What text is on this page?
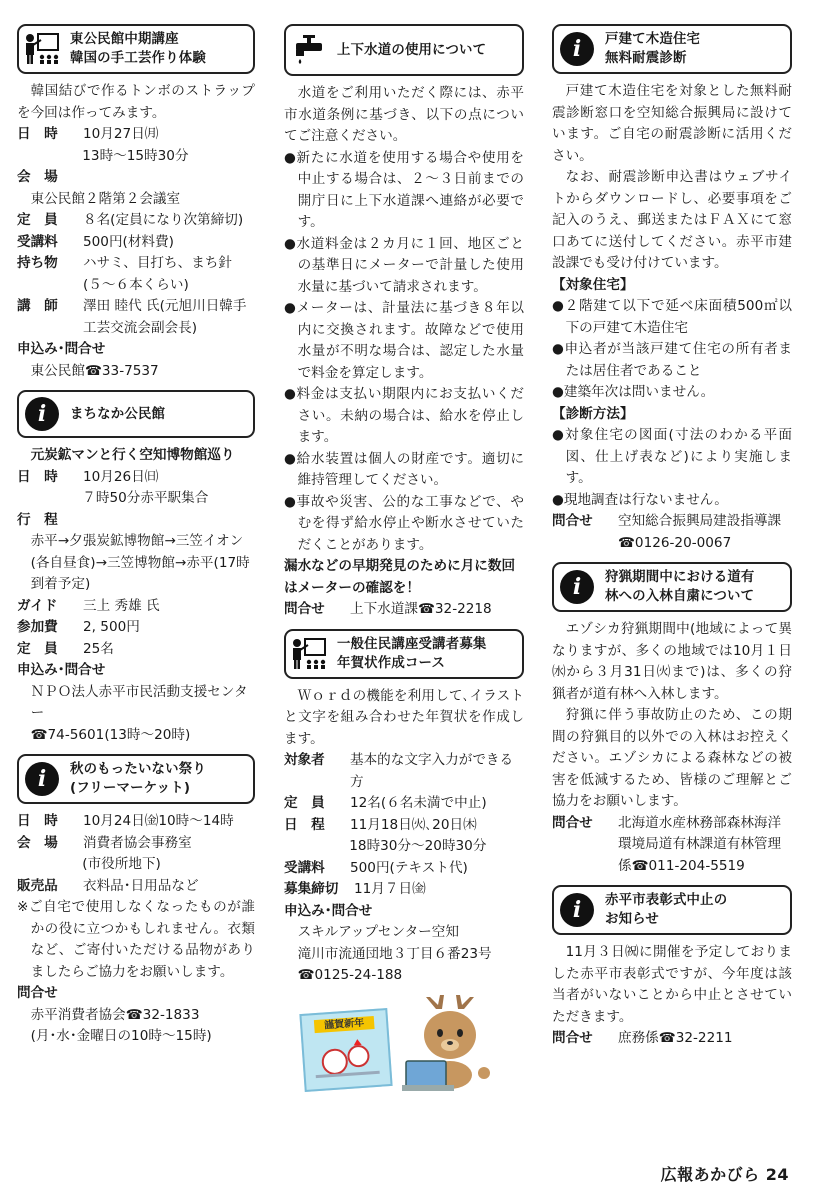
東公民館中期講座
韓国の手工芸作り体験
韓国結びで作るトンボのストラップを今回は作ってみます。
日　時	10月27日㈪
13時〜15時30分
会　場
東公民館２階第２会議室
定　員	８名(定員になり次第締切)
受講料	500円(材料費)
持ち物	ハサミ、目打ち、まち針(５〜６本くらい)
講　師	澤田 睦代 氏(元旭川日韓手工芸交流会副会長)
申込み･問合せ
東公民館☎33-7537
i	まちなか公民館
元炭鉱マンと行く空知博物館巡り
日　時	10月26日㈰
７時50分赤平駅集合
行　程
赤平→夕張炭鉱博物館→三笠イオン(各自昼食)→三笠博物館→赤平(17時到着予定)
ガイド	三上 秀雄 氏
参加費	2, 500円
定　員	25名
申込み･問合せ
ＮＰＯ法人赤平市民活動支援センター
☎74-5601(13時〜20時)
i	秋のもったいない祭り
(フリーマーケット)
日　時	10月24日㈮10時〜14時
会　場	消費者協会事務室
(市役所地下)
販売品	衣料品･日用品など
※ご自宅で使用しなくなったものが誰かの役に立つかもしれません。衣類など、ご寄付いただける品物がありましたらご協力をお願いします。
問合せ
赤平消費者協会☎32-1833
(月･水･金曜日の10時〜15時)
上下水道の使用について
水道をご利用いただく際には、赤平市水道条例に基づき、以下の点についてご注意ください。
●新たに水道を使用する場合や使用を中止する場合は、２〜３日前までの開庁日に上下水道課へ連絡が必要です。
●水道料金は２カ月に１回、地区ごとの基準日にメーターで計量した使用水量に基づいて請求されます。
●メーターは、計量法に基づき８年以内に交換されます。故障などで使用水量が不明な場合は、認定した水量で料金を算定します。
●料金は支払い期限内にお支払いください。未納の場合は、給水を停止します。
●給水装置は個人の財産です。適切に維持管理してください。
●事故や災害、公的な工事などで、やむを得ず給水停止や断水させていただくことがあります。
漏水などの早期発見のために月に数回はメーターの確認を！
問合せ	上下水道課☎32-2218
一般住民講座受講者募集
年賀状作成コース
Ｗｏｒｄの機能を利用して､イラストと文字を組み合わせた年賀状を作成します。
対象者	基本的な文字入力ができる方
定　員	12名(６名未満で中止)
日　程	11月18日㈫､20日㈭
18時30分〜20時30分
受講料	500円(テキスト代)
募集締切	11月７日㈮
申込み･問合せ
スキルアップセンター空知
滝川市流通団地３丁目６番23号
☎0125-24-188
謹賀新年
i	戸建て木造住宅
無料耐震診断
戸建て木造住宅を対象とした無料耐震診断窓口を空知総合振興局に設けています。ご自宅の耐震診断に活用ください。
なお、耐震診断申込書はウェブサイトからダウンロードし、必要事項をご記入のうえ、郵送またはＦＡＸにて窓口あてに送付してください。赤平市建設課でも受け付けています。
【対象住宅】
●２階建て以下で延べ床面積500㎡以下の戸建て木造住宅
●申込者が当該戸建て住宅の所有者または居住者であること
●建築年次は問いません。
【診断方法】
●対象住宅の図面(寸法のわかる平面図、仕上げ表など)により実施します。
●現地調査は行ないません。
問合せ	空知総合振興局建設指導課☎0126-20-0067
i	狩猟期間中における道有
林への入林自粛について
エゾシカ狩猟期間中(地域によって異なりますが、多くの地域では10月１日㈬から３月31日㈫まで)は、多くの狩猟者が道有林へ入林します。
狩猟に伴う事故防止のため、この期間の狩猟目的以外での入林はお控えください。エゾシカによる森林などの被害を低減するため、皆様のご理解とご協力をお願いします。
問合せ	北海道水産林務部森林海洋環境局道有林課道有林管理係☎011-204-5519
i	赤平市表彰式中止の
お知らせ
11月３日㈷に開催を予定しておりました赤平市表彰式ですが、今年度は該当者がいないことから中止とさせていただきます。
問合せ	庶務係☎32-2211
広報あかびら 24
